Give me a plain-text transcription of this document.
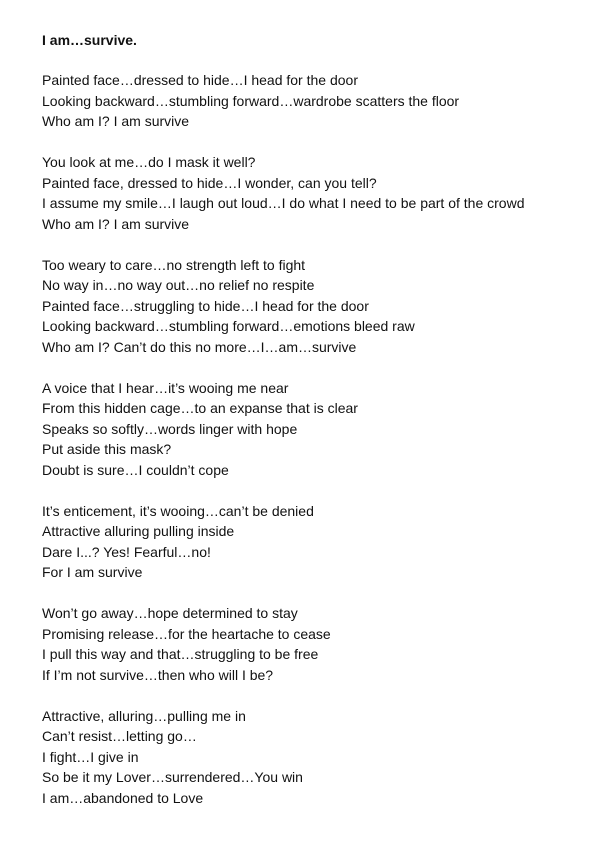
I am…survive.
Painted face…dressed to hide…I head for the door
Looking backward…stumbling forward…wardrobe scatters the floor
Who am I? I am survive
You look at me…do I mask it well?
Painted face, dressed to hide…I wonder, can you tell?
I assume my smile…I laugh out loud…I do what I need to be part of the crowd
Who am I? I am survive
Too weary to care…no strength left to fight
No way in…no way out…no relief no respite
Painted face…struggling to hide…I head for the door
Looking backward…stumbling forward…emotions bleed raw
Who am I? Can’t do this no more…I…am…survive
A voice that I hear…it’s wooing me near
From this hidden cage…to an expanse that is clear
Speaks so softly…words linger with hope
Put aside this mask?
Doubt is sure…I couldn’t cope
It’s enticement, it’s wooing…can’t be denied
Attractive alluring pulling inside
Dare I...? Yes! Fearful…no!
For I am survive
Won’t go away…hope determined to stay
Promising release…for the heartache to cease
I pull this way and that…struggling to be free
If I’m not survive…then who will I be?
Attractive, alluring…pulling me in
Can’t resist…letting go…
I fight…I give in
So be it my Lover…surrendered…You win
I am…abandoned to Love
